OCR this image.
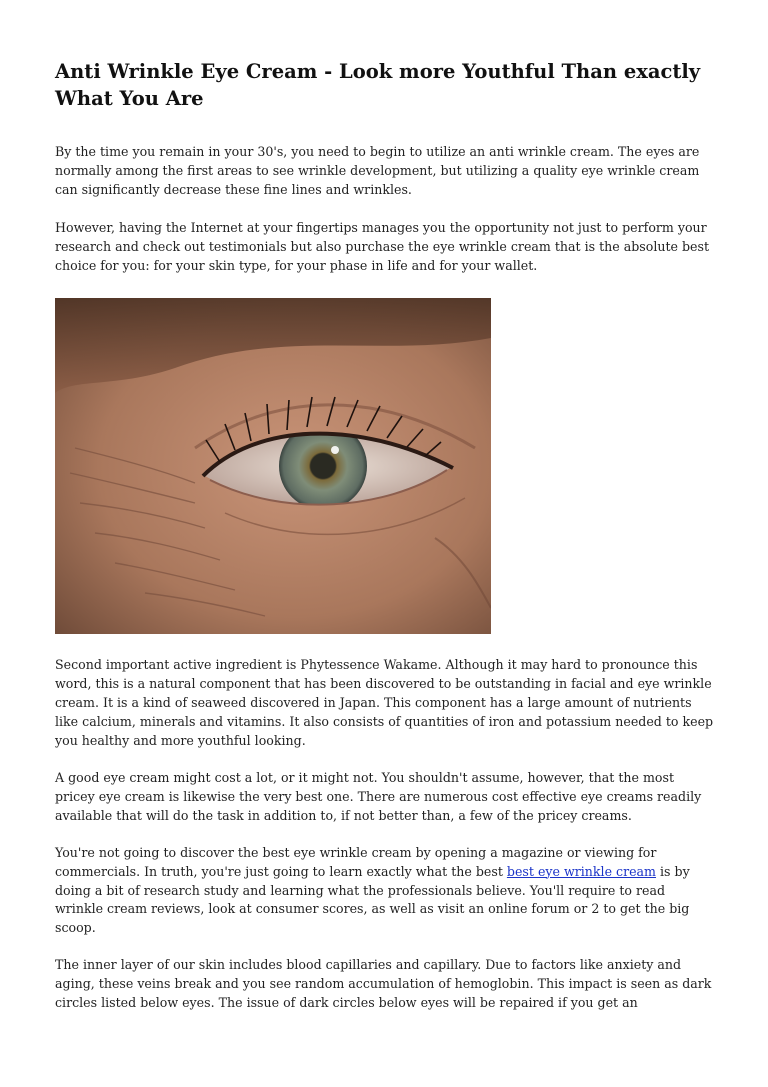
Anti Wrinkle Eye Cream - Look more Youthful Than exactly What You Are

By the time you remain in your 30's, you need to begin to utilize an anti wrinkle cream. The eyes are normally among the first areas to see wrinkle development, but utilizing a quality eye wrinkle cream can significantly decrease these fine lines and wrinkles.

However, having the Internet at your fingertips manages you the opportunity not just to perform your research and check out testimonials but also purchase the eye wrinkle cream that is the absolute best choice for you: for your skin type, for your phase in life and for your wallet.

Second important active ingredient is Phytessence Wakame. Although it may hard to pronounce this word, this is a natural component that has been discovered to be outstanding in facial and eye wrinkle cream. It is a kind of seaweed discovered in Japan. This component has a large amount of nutrients like calcium, minerals and vitamins. It also consists of quantities of iron and potassium needed to keep you healthy and more youthful looking.

A good eye cream might cost a lot, or it might not. You shouldn't assume, however, that the most pricey eye cream is likewise the very best one. There are numerous cost effective eye creams readily available that will do the task in addition to, if not better than, a few of the pricey creams.

You're not going to discover the best eye wrinkle cream by opening a magazine or viewing for commercials. In truth, you're just going to learn exactly what the best best eye wrinkle cream is by doing a bit of research study and learning what the professionals believe. You'll require to read wrinkle cream reviews, look at consumer scores, as well as visit an online forum or 2 to get the big scoop.

The inner layer of our skin includes blood capillaries and capillary. Due to factors like anxiety and aging, these veins break and you see random accumulation of hemoglobin. This impact is seen as dark circles listed below eyes. The issue of dark circles below eyes will be repaired if you get an
